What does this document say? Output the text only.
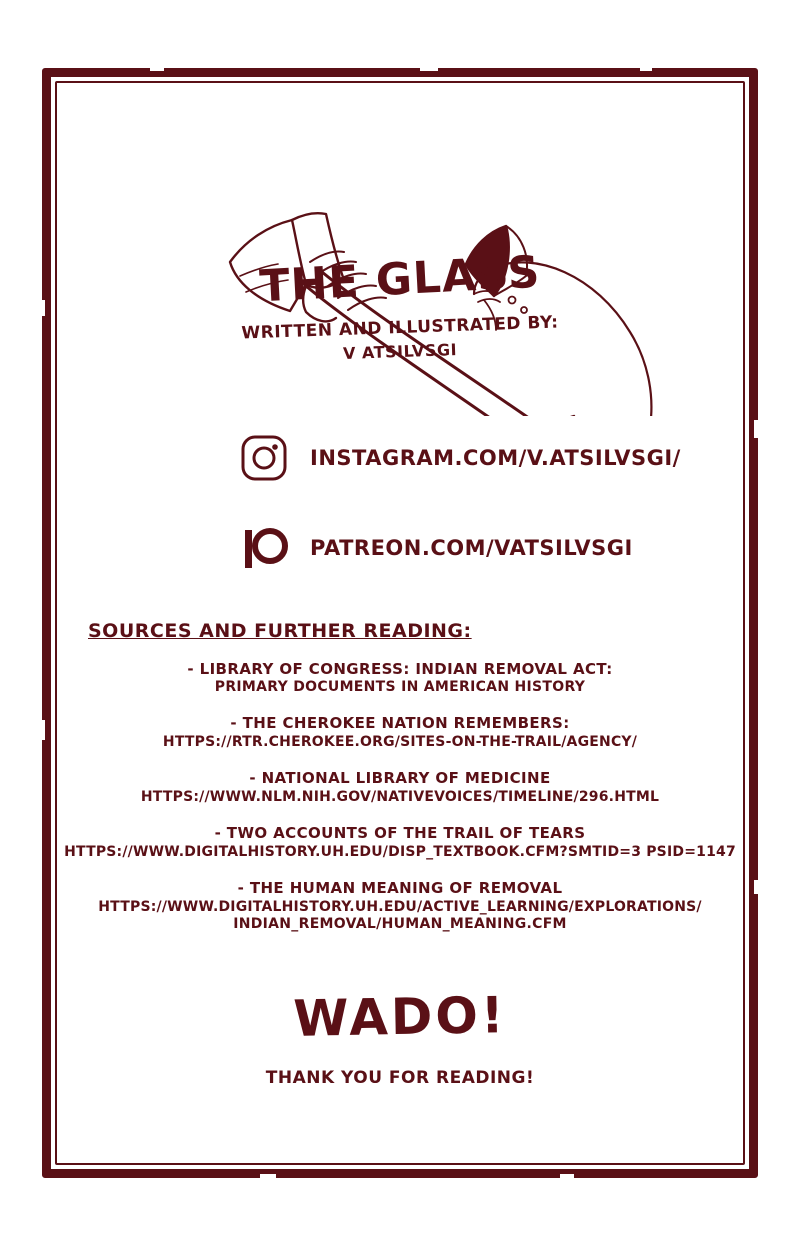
THE GLASS
WRITTEN AND ILLUSTRATED BY:
V ATSILVSGI
INSTAGRAM.COM/V.ATSILVSGI/
PATREON.COM/VATSILVSGI
SOURCES AND FURTHER READING:
- LIBRARY OF CONGRESS: INDIAN REMOVAL ACT:
PRIMARY DOCUMENTS IN AMERICAN HISTORY
- THE CHEROKEE NATION REMEMBERS:
HTTPS://RTR.CHEROKEE.ORG/SITES-ON-THE-TRAIL/AGENCY/
- NATIONAL LIBRARY OF MEDICINE
HTTPS://WWW.NLM.NIH.GOV/NATIVEVOICES/TIMELINE/296.HTML
- TWO ACCOUNTS OF THE TRAIL OF TEARS
HTTPS://WWW.DIGITALHISTORY.UH.EDU/DISP_TEXTBOOK.CFM?SMTID=3 PSID=1147
- THE HUMAN MEANING OF REMOVAL
HTTPS://WWW.DIGITALHISTORY.UH.EDU/ACTIVE_LEARNING/EXPLORATIONS/
INDIAN_REMOVAL/HUMAN_MEANING.CFM
WADO!
THANK YOU FOR READING!
